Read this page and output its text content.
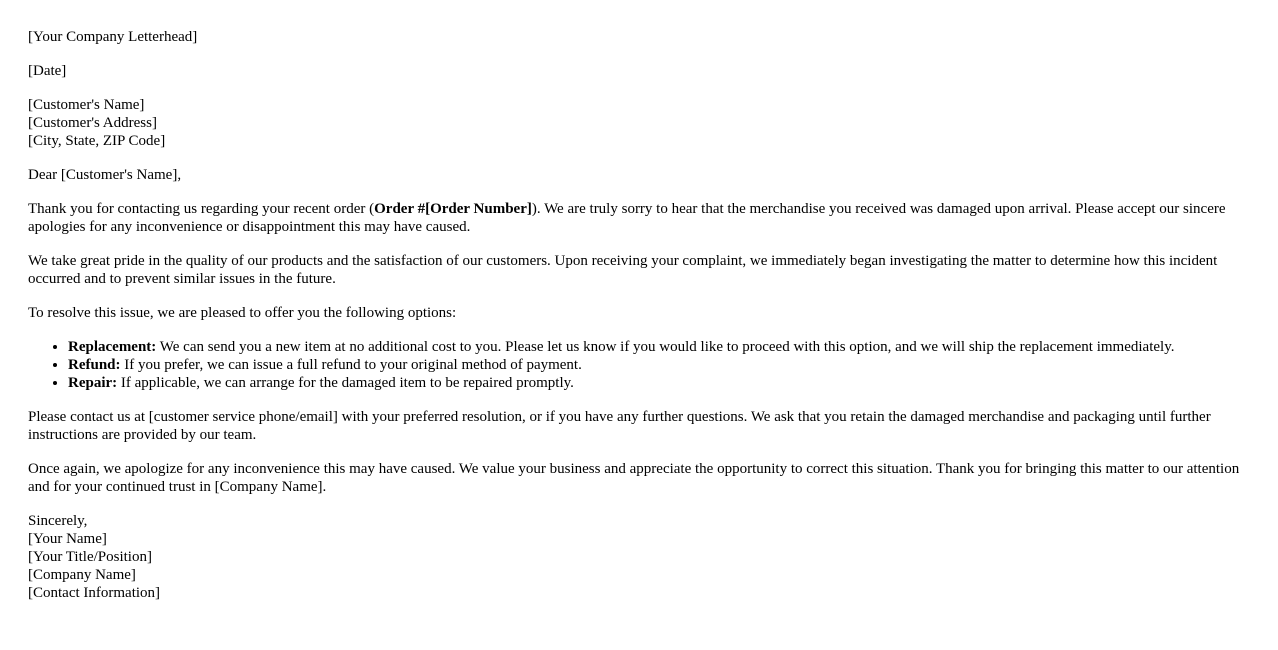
[Your Company Letterhead]

[Date]

[Customer's Name]
[Customer's Address]
[City, State, ZIP Code]

Dear [Customer's Name],

Thank you for contacting us regarding your recent order (Order #[Order Number]). We are truly sorry to hear that the merchandise you received was damaged upon arrival. Please accept our sincere apologies for any inconvenience or disappointment this may have caused.

We take great pride in the quality of our products and the satisfaction of our customers. Upon receiving your complaint, we immediately began investigating the matter to determine how this incident occurred and to prevent similar issues in the future.

To resolve this issue, we are pleased to offer you the following options:

• Replacement: We can send you a new item at no additional cost to you. Please let us know if you would like to proceed with this option, and we will ship the replacement immediately.
• Refund: If you prefer, we can issue a full refund to your original method of payment.
• Repair: If applicable, we can arrange for the damaged item to be repaired promptly.

Please contact us at [customer service phone/email] with your preferred resolution, or if you have any further questions. We ask that you retain the damaged merchandise and packaging until further instructions are provided by our team.

Once again, we apologize for any inconvenience this may have caused. We value your business and appreciate the opportunity to correct this situation. Thank you for bringing this matter to our attention and for your continued trust in [Company Name].

Sincerely,
[Your Name]
[Your Title/Position]
[Company Name]
[Contact Information]
